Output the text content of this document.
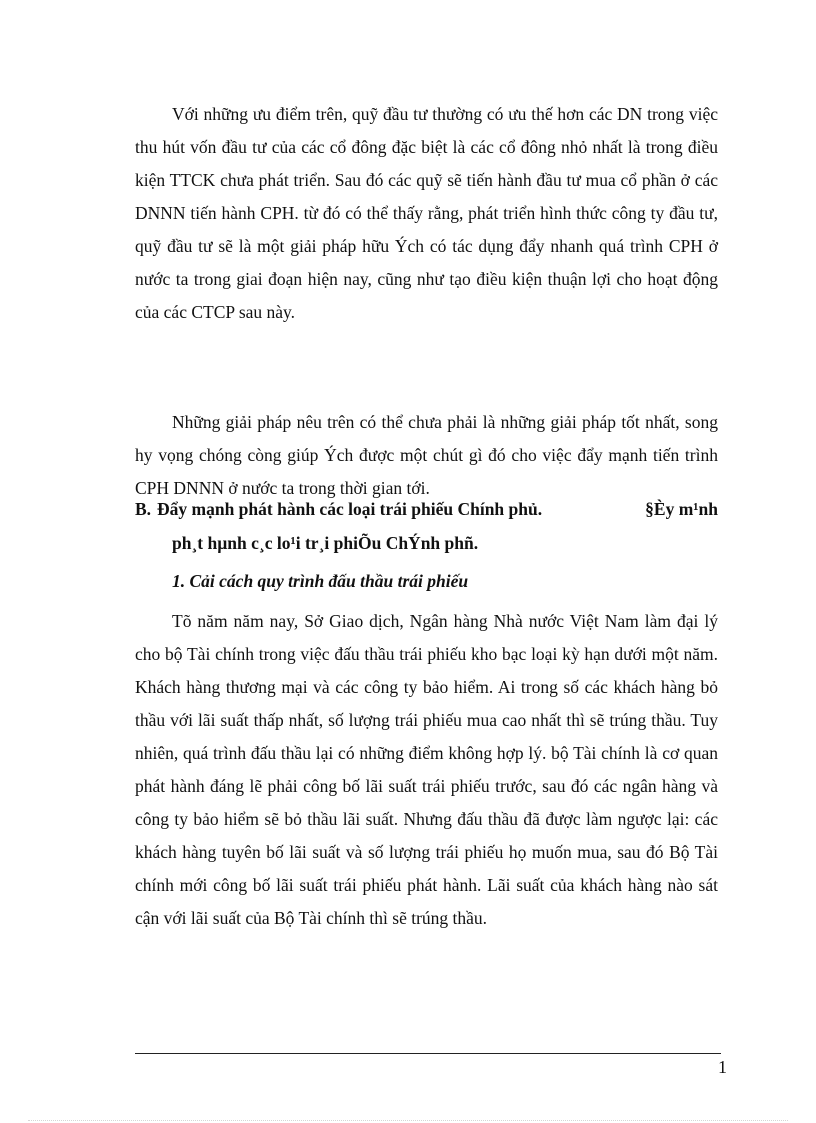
Với những ưu điểm trên, quỹ đầu tư thường có ưu thế hơn các DN trong việc thu hút vốn đầu tư của các cổ đông đặc biệt là các cổ đông nhỏ nhất là trong điều kiện TTCK chưa phát triển. Sau đó các quỹ sẽ tiến hành đầu tư mua cổ phần ở các DNNN tiến hành CPH. từ đó có thể thấy rằng, phát triển hình thức công ty đầu tư, quỹ đầu tư sẽ là một giải pháp hữu Ých có tác dụng đẩy nhanh quá trình CPH ở nước ta trong giai đoạn hiện nay, cũng như tạo điều kiện thuận lợi cho hoạt động của các CTCP sau này.

Những giải pháp nêu trên có thể chưa phải là những giải pháp tốt nhất, song hy vọng chóng còng giúp Ých được một chút gì đó cho việc đẩy mạnh tiến trình CPH DNNN ở nước ta trong thời gian tới.

B. Đẩy mạnh phát hành các loại trái phiếu Chính phủ.	§Èy m¹nh
ph¸t hµnh c¸c lo¹i tr¸i phiÕu ChÝnh phñ.
1. Cải cách quy trình đấu thầu trái phiếu

Tõ năm năm nay, Sở Giao dịch, Ngân hàng Nhà nước Việt Nam làm đại lý cho bộ Tài chính trong việc đấu thầu trái phiếu kho bạc loại kỳ hạn dưới một năm. Khách hàng thương mại và các công ty bảo hiểm. Ai trong số các khách hàng bỏ thầu với lãi suất thấp nhất, số lượng trái phiếu mua cao nhất thì sẽ trúng thầu. Tuy nhiên, quá trình đấu thầu lại có những điểm không hợp lý. bộ Tài chính là cơ quan phát hành đáng lẽ phải công bố lãi suất trái phiếu trước, sau đó các ngân hàng và công ty bảo hiểm sẽ bỏ thầu lãi suất. Nhưng đấu thầu đã được làm ngược lại: các khách hàng tuyên bố lãi suất và số lượng trái phiếu họ muốn mua, sau đó Bộ Tài chính mới công bố lãi suất trái phiếu phát hành. Lãi suất của khách hàng nào sát cận với lãi suất của Bộ Tài chính thì sẽ trúng thầu.

1
